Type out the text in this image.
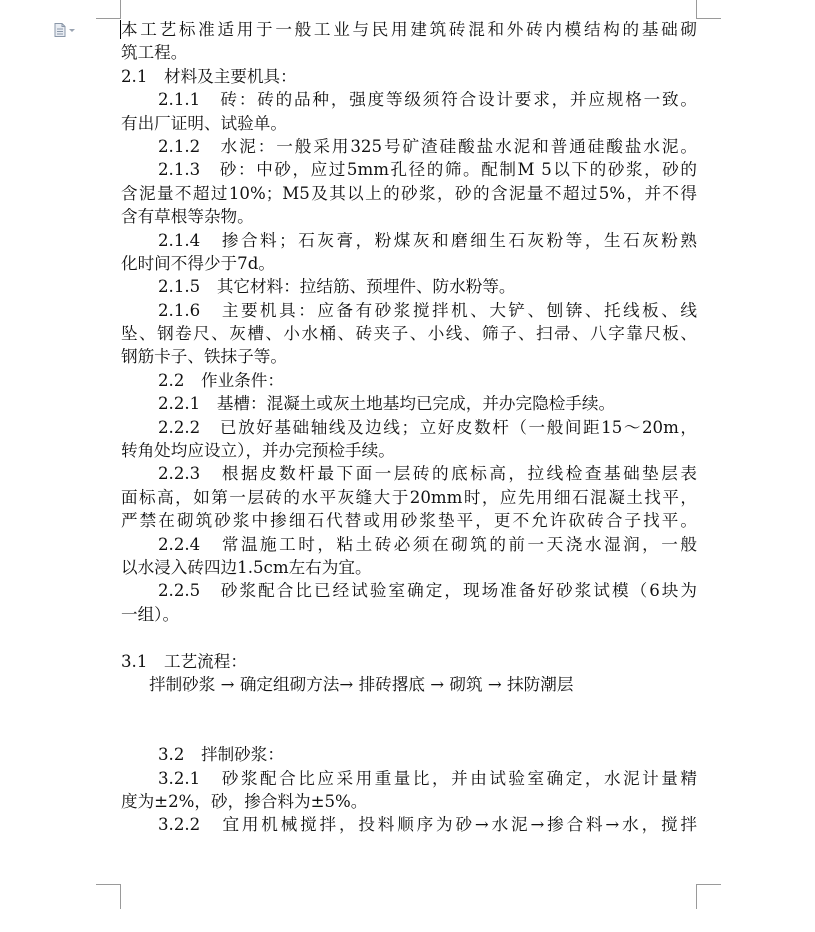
本工艺标准适用于一般工业与民用建筑砖混和外砖内模结构的基础砌
筑工程。
2.1　材料及主要机具：
2.1.1　砖：砖的品种，强度等级须符合设计要求，并应规格一致。
有出厂证明、试验单。
2.1.2　水泥：一般采用325号矿渣硅酸盐水泥和普通硅酸盐水泥。
2.1.3　砂：中砂，应过5mm孔径的筛。配制M 5以下的砂浆，砂的
含泥量不超过10%；M5及其以上的砂浆，砂的含泥量不超过5%，并不得
含有草根等杂物。
2.1.4　掺合料；石灰膏，粉煤灰和磨细生石灰粉等，生石灰粉熟
化时间不得少于7d。
2.1.5　其它材料：拉结筋、预埋件、防水粉等。
2.1.6　主要机具：应备有砂浆搅拌机、大铲、刨锛、托线板、线
坠、钢卷尺、灰槽、小水桶、砖夹子、小线、筛子、扫帚、八字靠尺板、
钢筋卡子、铁抹子等。
2.2　作业条件：
2.2.1　基槽：混凝土或灰土地基均已完成，并办完隐检手续。
2.2.2　已放好基础轴线及边线；立好皮数杆（一般间距15～20m，
转角处均应设立），并办完预检手续。
2.2.3　根据皮数杆最下面一层砖的底标高，拉线检查基础垫层表
面标高，如第一层砖的水平灰缝大于20mm时，应先用细石混凝土找平，
严禁在砌筑砂浆中掺细石代替或用砂浆垫平，更不允许砍砖合子找平。
2.2.4　常温施工时，粘土砖必须在砌筑的前一天浇水湿润，一般
以水浸入砖四边1.5cm左右为宜。
2.2.5　砂浆配合比已经试验室确定，现场准备好砂浆试模（6块为
一组）。
3.1　工艺流程：
拌制砂浆 → 确定组砌方法→ 排砖撂底 → 砌筑 → 抹防潮层
3.2　拌制砂浆：
3.2.1　砂浆配合比应采用重量比，并由试验室确定，水泥计量精
度为±2%，砂，掺合料为±5%。
3.2.2　宜用机械搅拌，投料顺序为砂→水泥→掺合料→水，搅拌
